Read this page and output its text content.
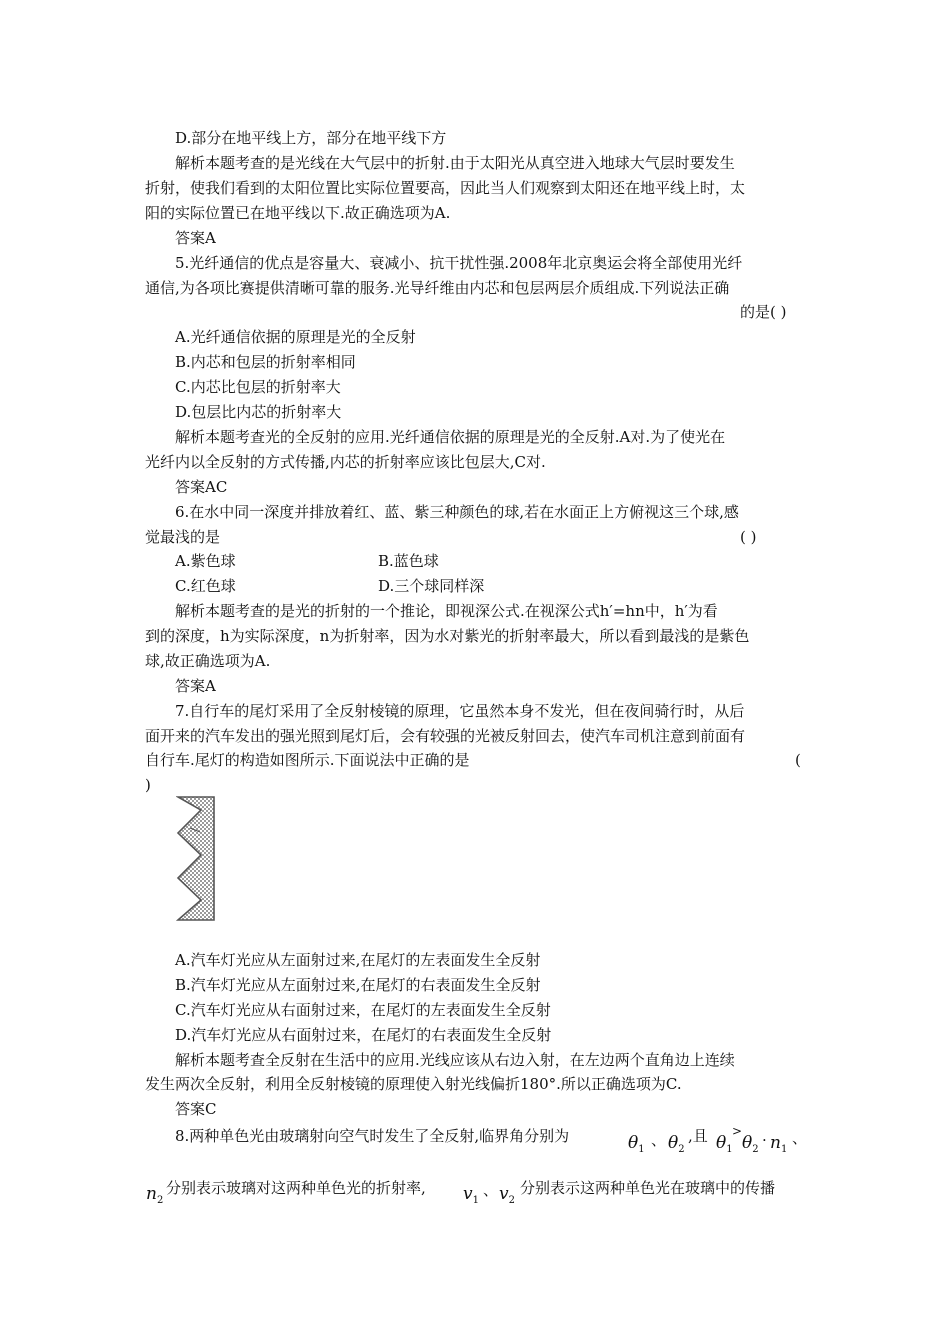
D.部分在地平线上方，部分在地平线下方
解析本题考查的是光线在大气层中的折射.由于太阳光从真空进入地球大气层时要发生
折射，使我们看到的太阳位置比实际位置要高，因此当人们观察到太阳还在地平线上时，太
阳的实际位置已在地平线以下.故正确选项为A.
答案A
5.光纤通信的优点是容量大、衰减小、抗干扰性强.2008年北京奥运会将全部使用光纤
通信,为各项比赛提供清晰可靠的服务.光导纤维由内芯和包层两层介质组成.下列说法正确
的是( )
A.光纤通信依据的原理是光的全反射
B.内芯和包层的折射率相同
C.内芯比包层的折射率大
D.包层比内芯的折射率大
解析本题考查光的全反射的应用.光纤通信依据的原理是光的全反射.A对.为了使光在
光纤内以全反射的方式传播,内芯的折射率应该比包层大,C对.
答案AC
6.在水中同一深度并排放着红、蓝、紫三种颜色的球,若在水面正上方俯视这三个球,感
觉最浅的是	( )
A.紫色球	B.蓝色球
C.红色球	D.三个球同样深
解析本题考查的是光的折射的一个推论，即视深公式.在视深公式h′=hn中，h′为看
到的深度，h为实际深度，n为折射率，因为水对紫光的折射率最大，所以看到最浅的是紫色
球,故正确选项为A.
答案A
7.自行车的尾灯采用了全反射棱镜的原理，它虽然本身不发光，但在夜间骑行时，从后
面开来的汽车发出的强光照到尾灯后，会有较强的光被反射回去，使汽车司机注意到前面有
自行车.尾灯的构造如图所示.下面说法中正确的是	(
)
A.汽车灯光应从左面射过来,在尾灯的左表面发生全反射
B.汽车灯光应从左面射过来,在尾灯的右表面发生全反射
C.汽车灯光应从右面射过来，在尾灯的左表面发生全反射
D.汽车灯光应从右面射过来，在尾灯的右表面发生全反射
解析本题考查全反射在生活中的应用.光线应该从右边入射，在左边两个直角边上连续
发生两次全反射，利用全反射棱镜的原理使入射光线偏折180°.所以正确选项为C.
答案C
8.两种单色光由玻璃射向空气时发生了全反射,临界角分别为	$\theta_1$
、 $\theta_2$
,且 $\theta_1$
>
$\theta_2$
. $n_1$
、
$n_2$
分别表示玻璃对这两种单色光的折射率, $v_1$
、 $v_2$
分别表示这两种单色光在玻璃中的传播
